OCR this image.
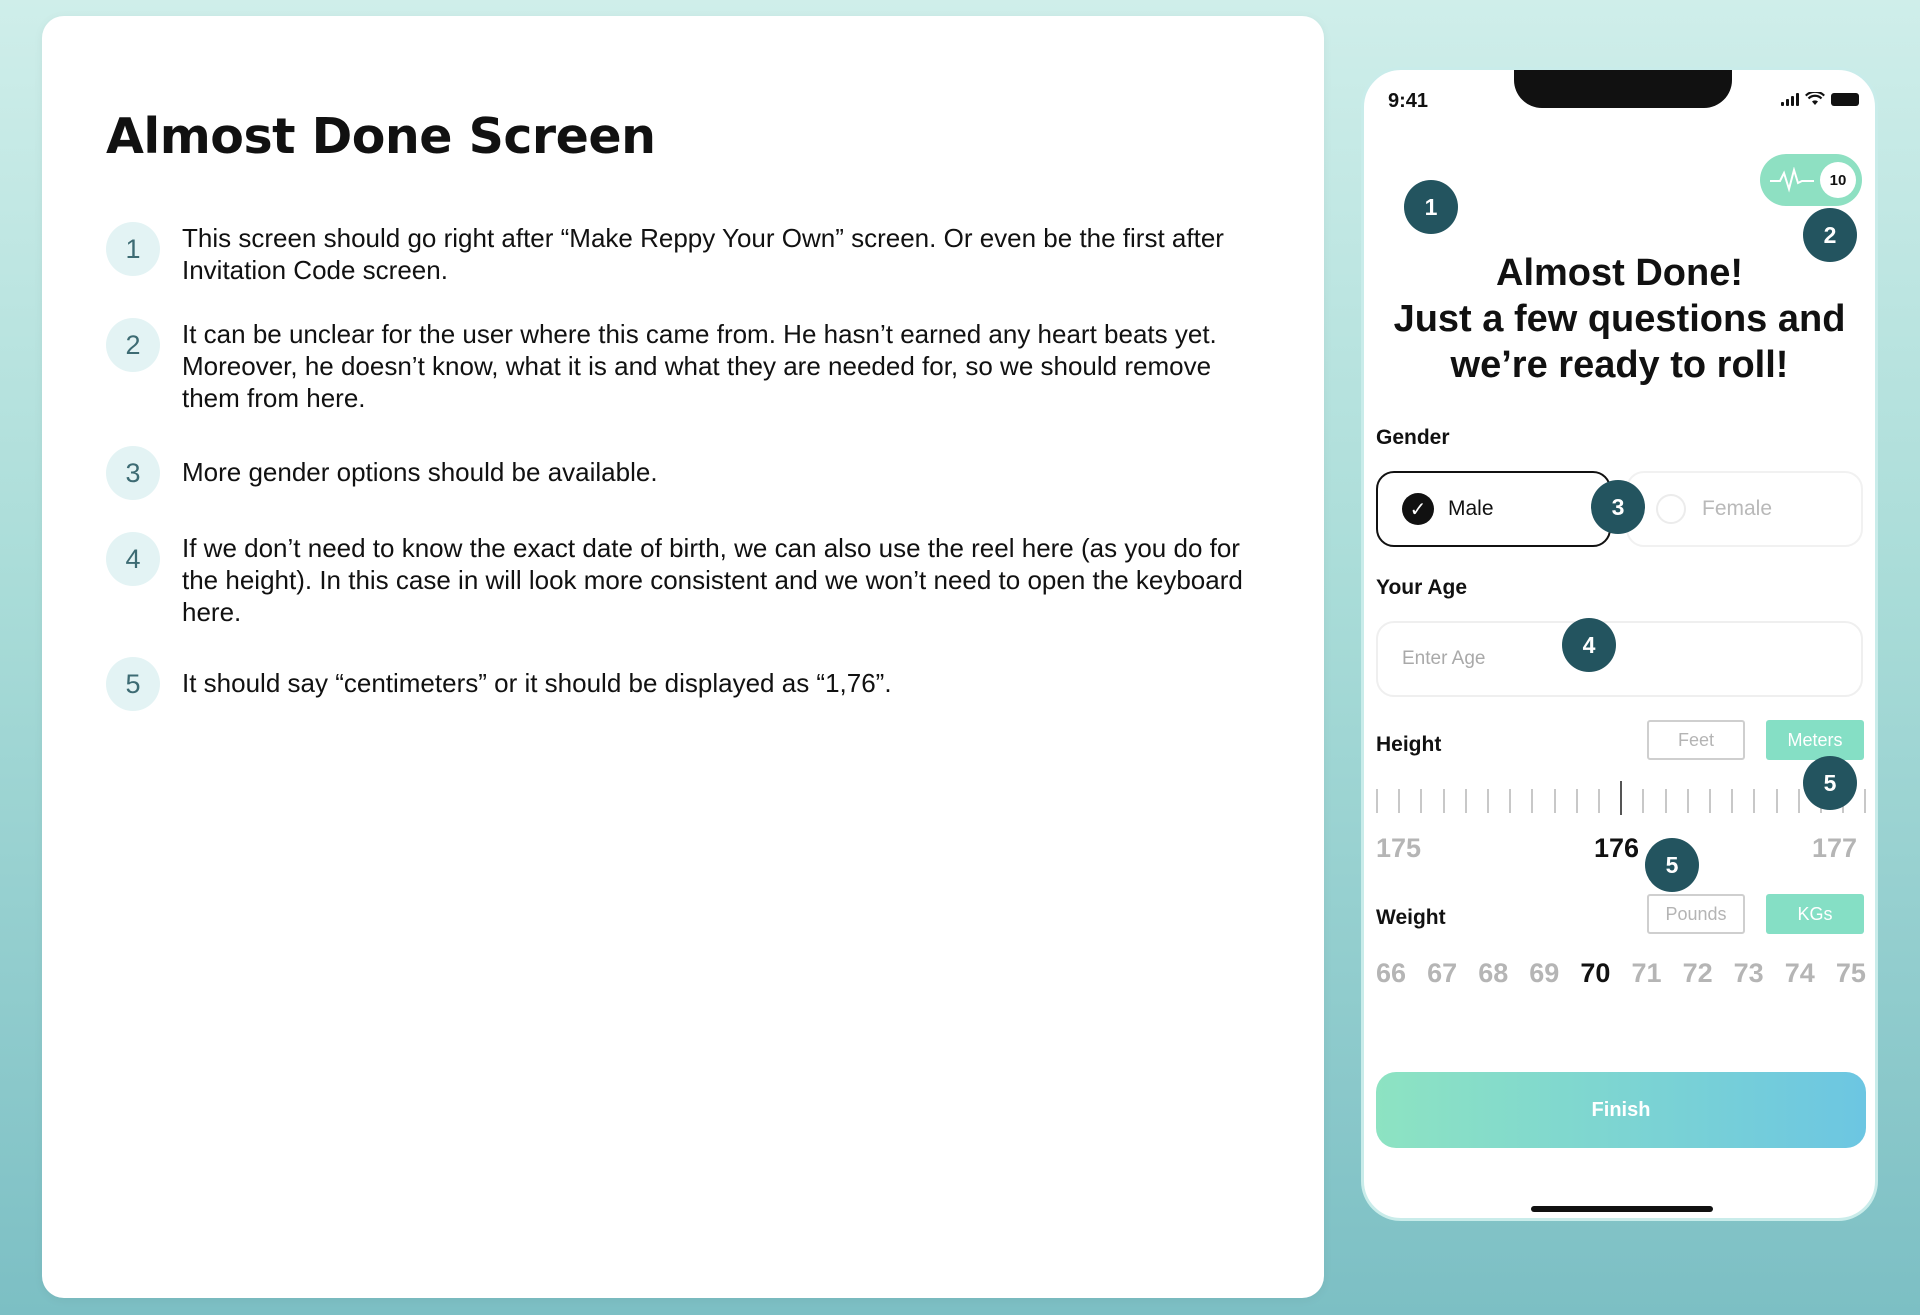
Almost Done Screen
1	This screen should go right after “Make Reppy Your Own” screen. Or even be the first after Invitation Code screen.
2	It can be unclear for the user where this came from. He hasn’t earned any heart beats yet. Moreover, he doesn’t know, what it is and what they are needed for, so we should remove them from here.
3	More gender options should be available.
4	If we don’t need to know the exact date of birth, we can also use the reel here (as you do for the height). In this case in will look more consistent and we won’t need to open the keyboard here.
5	It should say “centimeters” or it should be displayed as “1,76”.
9:41
10
1
2
Almost Done!
Just a few questions and
we’re ready to roll!
Gender
✓	Male	Female
3
Your Age
Enter Age
4
Height	Feet	Meters
5
175	176	177
5
Weight	Pounds	KGs
66 67 68 69 70 71 72 73 74 75
Finish
